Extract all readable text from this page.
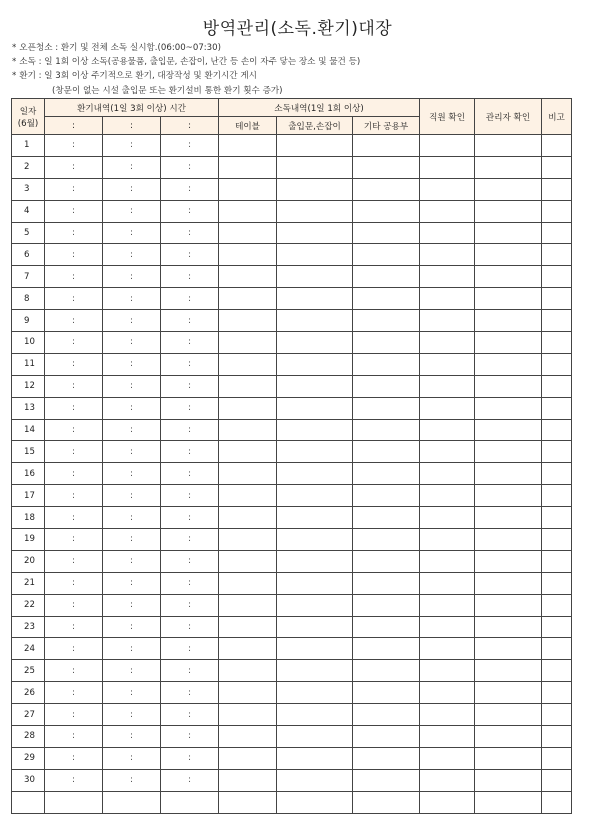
방역관리(소독.환기)대장
* 오픈청소 : 환기 및 전체 소독 실시함.(06:00~07:30)
* 소독 : 일 1회 이상 소독(공용물품, 출입문, 손잡이, 난간 등 손이 자주 닿는 장소 및 물건 등)
* 환기 : 일 3회 이상 주기적으로 환기, 대장작성 및 환기시간 게시
(창문이 없는 시설 출입문 또는 환기설비 통한 환기 횟수 증가)
일자
(6월)	환기내역(1일 3회 이상) 시간			소독내역(1일 1회 이상)			직원 확인	관리자 확인	비고
	:	:	:	테이블	출입문,손잡이	기타 공용부			
1	:	:	:						
2	:	:	:						
3	:	:	:						
4	:	:	:						
5	:	:	:						
6	:	:	:						
7	:	:	:						
8	:	:	:						
9	:	:	:						
10	:	:	:						
11	:	:	:						
12	:	:	:						
13	:	:	:						
14	:	:	:						
15	:	:	:						
16	:	:	:						
17	:	:	:						
18	:	:	:						
19	:	:	:						
20	:	:	:						
21	:	:	:						
22	:	:	:						
23	:	:	:						
24	:	:	:						
25	:	:	:						
26	:	:	:						
27	:	:	:						
28	:	:	:						
29	:	:	:						
30	:	:	:						
